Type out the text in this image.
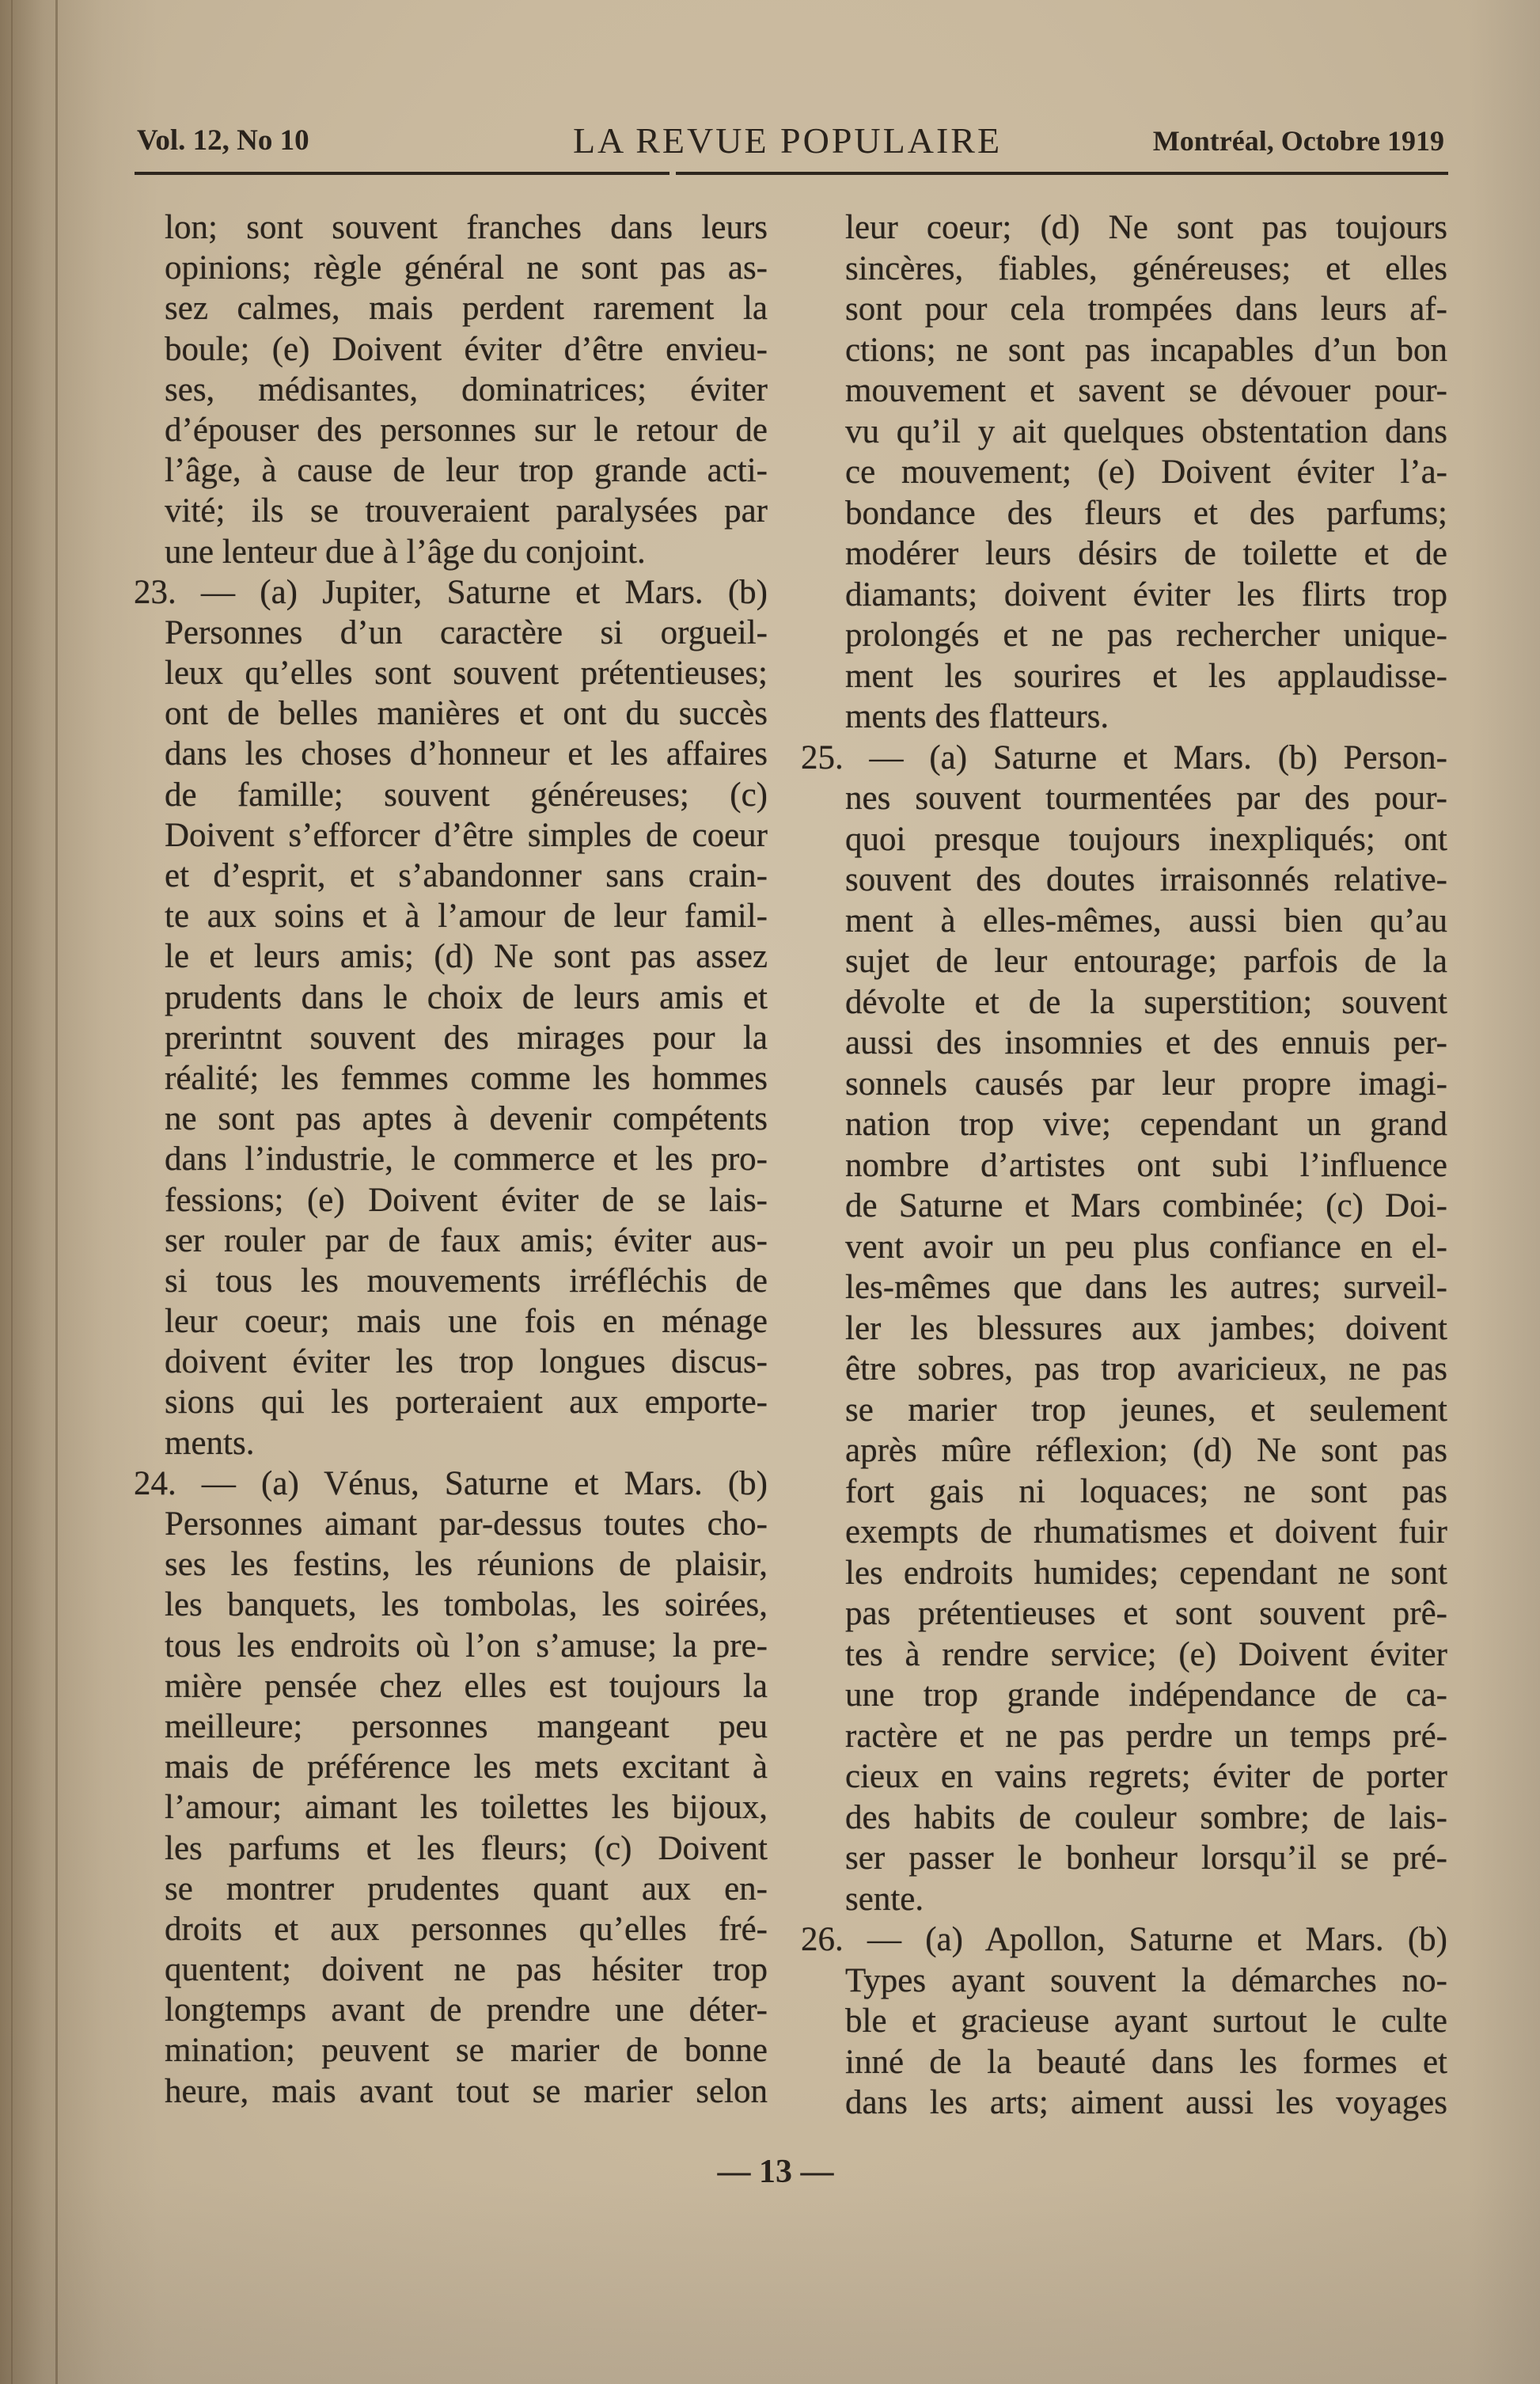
Vol. 12, No 10	LA REVUE POPULAIRE	Montréal, Octobre 1919
lon; sont souvent franches dans leurs
opinions; règle général ne sont pas as-
sez calmes, mais perdent rarement la
boule; (e) Doivent éviter d’être envieu-
ses, médisantes, dominatrices; éviter
d’épouser des personnes sur le retour de
l’âge, à cause de leur trop grande acti-
vité; ils se trouveraient paralysées par
une lenteur due à l’âge du conjoint.
23. — (a) Jupiter, Saturne et Mars. (b)
Personnes d’un caractère si orgueil-
leux qu’elles sont souvent prétentieuses;
ont de belles manières et ont du succès
dans les choses d’honneur et les affaires
de famille; souvent généreuses; (c)
Doivent s’efforcer d’être simples de coeur
et d’esprit, et s’abandonner sans crain-
te aux soins et à l’amour de leur famil-
le et leurs amis; (d) Ne sont pas assez
prudents dans le choix de leurs amis et
prerintnt souvent des mirages pour la
réalité; les femmes comme les hommes
ne sont pas aptes à devenir compétents
dans l’industrie, le commerce et les pro-
fessions; (e) Doivent éviter de se lais-
ser rouler par de faux amis; éviter aus-
si tous les mouvements irréfléchis de
leur coeur; mais une fois en ménage
doivent éviter les trop longues discus-
sions qui les porteraient aux emporte-
ments.
24. — (a) Vénus, Saturne et Mars. (b)
Personnes aimant par-dessus toutes cho-
ses les festins, les réunions de plaisir,
les banquets, les tombolas, les soirées,
tous les endroits où l’on s’amuse; la pre-
mière pensée chez elles est toujours la
meilleure; personnes mangeant peu
mais de préférence les mets excitant à
l’amour; aimant les toilettes les bijoux,
les parfums et les fleurs; (c) Doivent
se montrer prudentes quant aux en-
droits et aux personnes qu’elles fré-
quentent; doivent ne pas hésiter trop
longtemps avant de prendre une déter-
mination; peuvent se marier de bonne
heure, mais avant tout se marier selon
leur coeur; (d) Ne sont pas toujours
sincères, fiables, généreuses; et elles
sont pour cela trompées dans leurs af-
ctions; ne sont pas incapables d’un bon
mouvement et savent se dévouer pour-
vu qu’il y ait quelques obstentation dans
ce mouvement; (e) Doivent éviter l’a-
bondance des fleurs et des parfums;
modérer leurs désirs de toilette et de
diamants; doivent éviter les flirts trop
prolongés et ne pas rechercher unique-
ment les sourires et les applaudisse-
ments des flatteurs.
25. — (a) Saturne et Mars. (b) Person-
nes souvent tourmentées par des pour-
quoi presque toujours inexpliqués; ont
souvent des doutes irraisonnés relative-
ment à elles-mêmes, aussi bien qu’au
sujet de leur entourage; parfois de la
dévolte et de la superstition; souvent
aussi des insomnies et des ennuis per-
sonnels causés par leur propre imagi-
nation trop vive; cependant un grand
nombre d’artistes ont subi l’influence
de Saturne et Mars combinée; (c) Doi-
vent avoir un peu plus confiance en el-
les-mêmes que dans les autres; surveil-
ler les blessures aux jambes; doivent
être sobres, pas trop avaricieux, ne pas
se marier trop jeunes, et seulement
après mûre réflexion; (d) Ne sont pas
fort gais ni loquaces; ne sont pas
exempts de rhumatismes et doivent fuir
les endroits humides; cependant ne sont
pas prétentieuses et sont souvent prê-
tes à rendre service; (e) Doivent éviter
une trop grande indépendance de ca-
ractère et ne pas perdre un temps pré-
cieux en vains regrets; éviter de porter
des habits de couleur sombre; de lais-
ser passer le bonheur lorsqu’il se pré-
sente.
26. — (a) Apollon, Saturne et Mars. (b)
Types ayant souvent la démarches no-
ble et gracieuse ayant surtout le culte
inné de la beauté dans les formes et
dans les arts; aiment aussi les voyages
— 13 —
